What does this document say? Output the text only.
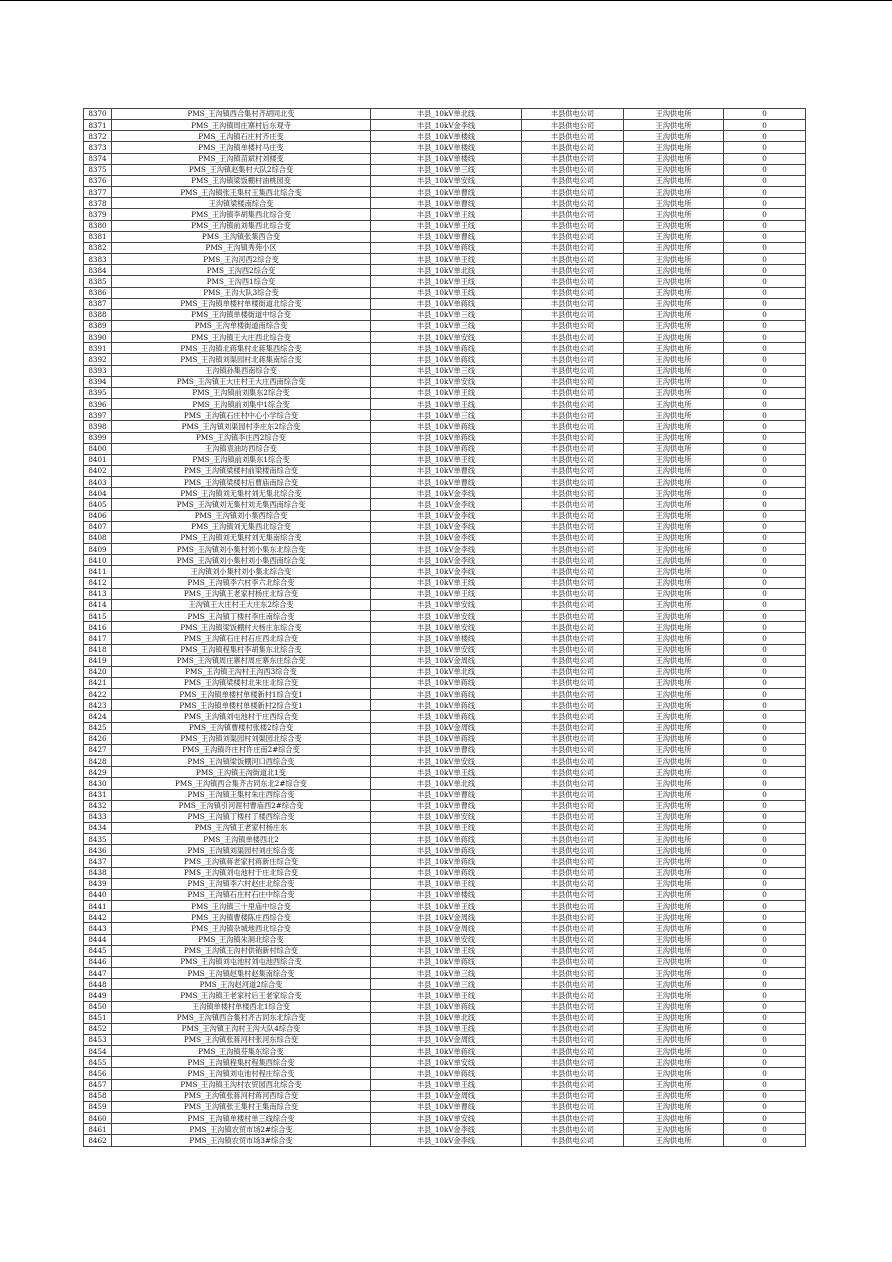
8370	PMS_王沟镇西合集村齐胡同北变	丰县_10kV单北线	丰县供电公司	王沟供电所	0
8371	PMS_王沟镇周庄寨村后东观寺	丰县_10kV金李线	丰县供电公司	王沟供电所	0
8372	PMS_王沟镇石庄村齐庄变	丰县_10kV单楼线	丰县供电公司	王沟供电所	0
8373	PMS_王沟镇单楼村马庄变	丰县_10kV单楼线	丰县供电公司	王沟供电所	0
8374	PMS_王沟镇苗斌村刘楼变	丰县_10kV单楼线	丰县供电公司	王沟供电所	0
8375	PMS_王沟镇赵集村大队2综合变	丰县_10kV单三线	丰县供电公司	王沟供电所	0
8376	PMS_王沟镇梁饭棚村油桃园变	丰县_10kV单安线	丰县供电公司	王沟供电所	0
8377	PMS_王沟镇张王集村王集西北综合变	丰县_10kV单曹线	丰县供电公司	王沟供电所	0
8378	王沟镇梁楼南综合变	丰县_10kV单曹线	丰县供电公司	王沟供电所	0
8379	PMS_王沟镇李胡集西北综合变	丰县_10kV单王线	丰县供电公司	王沟供电所	0
8380	PMS_王沟镇前刘集西北综合变	丰县_10kV单王线	丰县供电公司	王沟供电所	0
8381	PMS_王沟镇张集西合变	丰县_10kV单曹线	丰县供电公司	王沟供电所	0
8382	PMS_王沟镇秀苑小区	丰县_10kV单蒋线	丰县供电公司	王沟供电所	0
8383	PMS_王沟河西2综合变	丰县_10kV单王线	丰县供电公司	王沟供电所	0
8384	PMS_王沟西2综合变	丰县_10kV单北线	丰县供电公司	王沟供电所	0
8385	PMS_王沟西1综合变	丰县_10kV单王线	丰县供电公司	王沟供电所	0
8386	PMS_王沟大队3综合变	丰县_10kV单王线	丰县供电公司	王沟供电所	0
8387	PMS_王沟镇单楼村单楼街道北综合变	丰县_10kV单蒋线	丰县供电公司	王沟供电所	0
8388	PMS_王沟镇单楼街道中综合变	丰县_10kV单三线	丰县供电公司	王沟供电所	0
8389	PMS_王沟单楼街道南综合变	丰县_10kV单三线	丰县供电公司	王沟供电所	0
8390	PMS_王沟镇王大庄西北综合变	丰县_10kV单安线	丰县供电公司	王沟供电所	0
8391	PMS_王沟镇北蒋集村北蒋集西综合变	丰县_10kV单蒋线	丰县供电公司	王沟供电所	0
8392	PMS_王沟镇刘渠园村北蒋集南综合变	丰县_10kV单蒋线	丰县供电公司	王沟供电所	0
8393	王沟镇孙集西南综合变	丰县_10kV单三线	丰县供电公司	王沟供电所	0
8394	PMS_王沟镇王大庄村王大庄西南综合变	丰县_10kV单安线	丰县供电公司	王沟供电所	0
8395	PMS_王沟镇前刘集东2综合变	丰县_10kV单王线	丰县供电公司	王沟供电所	0
8396	PMS_王沟镇前刘集中1综合变	丰县_10kV单王线	丰县供电公司	王沟供电所	0
8397	PMS_王沟镇石庄村中心小学综合变	丰县_10kV单三线	丰县供电公司	王沟供电所	0
8398	PMS_王沟镇刘渠园村李庄东2综合变	丰县_10kV单蒋线	丰县供电公司	王沟供电所	0
8399	PMS_王沟镇李庄西2综合变	丰县_10kV单蒋线	丰县供电公司	王沟供电所	0
8400	王沟镇袁油坊西综合变	丰县_10kV单蒋线	丰县供电公司	王沟供电所	0
8401	PMS_王沟镇前刘集东1综合变	丰县_10kV单王线	丰县供电公司	王沟供电所	0
8402	PMS_王沟镇梁楼村前梁楼南综合变	丰县_10kV单曹线	丰县供电公司	王沟供电所	0
8403	PMS_王沟镇梁楼村后曹庙南综合变	丰县_10kV单曹线	丰县供电公司	王沟供电所	0
8404	PMS_王沟镇刘无集村刘无集北综合变	丰县_10kV金李线	丰县供电公司	王沟供电所	0
8405	PMS_王沟镇刘无集村刘无集西南综合变	丰县_10kV金李线	丰县供电公司	王沟供电所	0
8406	PMS_王沟镇刘小集西综合变	丰县_10kV金李线	丰县供电公司	王沟供电所	0
8407	PMS_王沟镇刘无集西北综合变	丰县_10kV金李线	丰县供电公司	王沟供电所	0
8408	PMS_王沟镇刘无集村刘无集南综合变	丰县_10kV金李线	丰县供电公司	王沟供电所	0
8409	PMS_王沟镇刘小集村刘小集东北综合变	丰县_10kV金李线	丰县供电公司	王沟供电所	0
8410	PMS_王沟镇刘小集村刘小集西南综合变	丰县_10kV金李线	丰县供电公司	王沟供电所	0
8411	王沟镇刘小集村刘小集北综合变	丰县_10kV金李线	丰县供电公司	王沟供电所	0
8412	PMS_王沟镇李六村李六北综合变	丰县_10kV单王线	丰县供电公司	王沟供电所	0
8413	PMS_王沟镇王老家村杨庄北综合变	丰县_10kV单王线	丰县供电公司	王沟供电所	0
8414	王沟镇王大庄村王大庄东2综合变	丰县_10kV单安线	丰县供电公司	王沟供电所	0
8415	PMS_王沟镇丁楼村李庄南综合变	丰县_10kV单安线	丰县供电公司	王沟供电所	0
8416	PMS_王沟镇梁饭棚村大杨庄东综合变	丰县_10kV单安线	丰县供电公司	王沟供电所	0
8417	PMS_王沟镇石庄村石庄西北综合变	丰县_10kV单楼线	丰县供电公司	王沟供电所	0
8418	PMS_王沟镇程集村李胡集东北综合变	丰县_10kV单安线	丰县供电公司	王沟供电所	0
8419	PMS_王沟镇周庄寨村周庄寨东庄综合变	丰县_10kV金周线	丰县供电公司	王沟供电所	0
8420	PMS_王沟镇王沟村王沟西3综合变	丰县_10kV单北线	丰县供电公司	王沟供电所	0
8421	PMS_王沟镇梁楼村北朱庄北综合变	丰县_10kV单蒋线	丰县供电公司	王沟供电所	0
8422	PMS_王沟镇单楼村单楼新村1综合变1	丰县_10kV单蒋线	丰县供电公司	王沟供电所	0
8423	PMS_王沟镇单楼村单楼新村2综合变1	丰县_10kV单蒋线	丰县供电公司	王沟供电所	0
8424	PMS_王沟镇刘屯池村于庄西综合变	丰县_10kV单蒋线	丰县供电公司	王沟供电所	0
8425	PMS_王沟镇曹楼村张楼2综合变	丰县_10kV金周线	丰县供电公司	王沟供电所	0
8426	PMS_王沟镇刘渠园村刘渠园北综合变	丰县_10kV单蒋线	丰县供电公司	王沟供电所	0
8427	PMS_王沟镇许庄村许庄南2#综合变	丰县_10kV单曹线	丰县供电公司	王沟供电所	0
8428	PMS_王沟镇梁饭棚河口西综合变	丰县_10kV单安线	丰县供电公司	王沟供电所	0
8429	PMS_王沟镇王沟街道北1变	丰县_10kV单王线	丰县供电公司	王沟供电所	0
8430	PMS_王沟镇西合集齐古同东北2#综合变	丰县_10kV单北线	丰县供电公司	王沟供电所	0
8431	PMS_王沟镇王集村朱庄西综合变	丰县_10kV单曹线	丰县供电公司	王沟供电所	0
8432	PMS_王沟镇引河涯村曹庙西2#综合变	丰县_10kV单曹线	丰县供电公司	王沟供电所	0
8433	PMS_王沟镇丁楼村丁楼西综合变	丰县_10kV单安线	丰县供电公司	王沟供电所	0
8434	PMS_王沟镇王老家村杨庄东	丰县_10kV单王线	丰县供电公司	王沟供电所	0
8435	PMS_王沟镇单楼西北2	丰县_10kV单蒋线	丰县供电公司	王沟供电所	0
8436	PMS_王沟镇刘渠园村刘庄综合变	丰县_10kV单蒋线	丰县供电公司	王沟供电所	0
8437	PMS_王沟镇蒋老家村蒋新庄综合变	丰县_10kV单蒋线	丰县供电公司	王沟供电所	0
8438	PMS_王沟镇刘屯池村于庄北综合变	丰县_10kV单蒋线	丰县供电公司	王沟供电所	0
8439	PMS_王沟镇李六村赵庄北综合变	丰县_10kV单王线	丰县供电公司	王沟供电所	0
8440	PMS_王沟镇石庄村石庄中综合变	丰县_10kV单楼线	丰县供电公司	王沟供电所	0
8441	PMS_王沟镇三十里庙中综合变	丰县_10kV单王线	丰县供电公司	王沟供电所	0
8442	PMS_王沟镇曹楼陈庄西综合变	丰县_10kV金周线	丰县供电公司	王沟供电所	0
8443	PMS_王沟镇杂城地西北综合变	丰县_10kV金周线	丰县供电公司	王沟供电所	0
8444	PMS_王沟镇朱洞北综合变	丰县_10kV单安线	丰县供电公司	王沟供电所	0
8445	PMS_王沟镇王沟村供销新村综合变	丰县_10kV单王线	丰县供电公司	王沟供电所	0
8446	PMS_王沟镇刘屯池村刘屯池西综合变	丰县_10kV单蒋线	丰县供电公司	王沟供电所	0
8447	PMS_王沟镇赵集村赵集南综合变	丰县_10kV单三线	丰县供电公司	王沟供电所	0
8448	PMS_王沟赵河道2综合变	丰县_10kV单三线	丰县供电公司	王沟供电所	0
8449	PMS_王沟镇王老家村后王老家综合变	丰县_10kV单王线	丰县供电公司	王沟供电所	0
8450	王沟镇单楼村单楼西北1综合变	丰县_10kV单蒋线	丰县供电公司	王沟供电所	0
8451	PMS_王沟镇西合集村齐古同东北综合变	丰县_10kV单北线	丰县供电公司	王沟供电所	0
8452	PMS_王沟镇王沟村王沟大队4综合变	丰县_10kV单王线	丰县供电公司	王沟供电所	0
8453	PMS_王沟镇张蒋河村张河东综合变	丰县_10kV金周线	丰县供电公司	王沟供电所	0
8454	PMS_王沟镇芬集东综合变	丰县_10kV单蒋线	丰县供电公司	王沟供电所	0
8455	PMS_王沟镇程集村程集西综合变	丰县_10kV单安线	丰县供电公司	王沟供电所	0
8456	PMS_王沟镇刘屯池村程庄综合变	丰县_10kV单蒋线	丰县供电公司	王沟供电所	0
8457	PMS_王沟镇王沟村农贸园西北综合变	丰县_10kV单王线	丰县供电公司	王沟供电所	0
8458	PMS_王沟镇张蒋河村蒋河西综合变	丰县_10kV金周线	丰县供电公司	王沟供电所	0
8459	PMS_王沟镇张王集村王集南综合变	丰县_10kV单曹线	丰县供电公司	王沟供电所	0
8460	PMS_王沟镇单楼村单三线综合变	丰县_10kV单安线	丰县供电公司	王沟供电所	0
8461	PMS_王沟镇农贸市场2#综合变	丰县_10kV金李线	丰县供电公司	王沟供电所	0
8462	PMS_王沟镇农贸市场3#综合变	丰县_10kV金李线	丰县供电公司	王沟供电所	0
